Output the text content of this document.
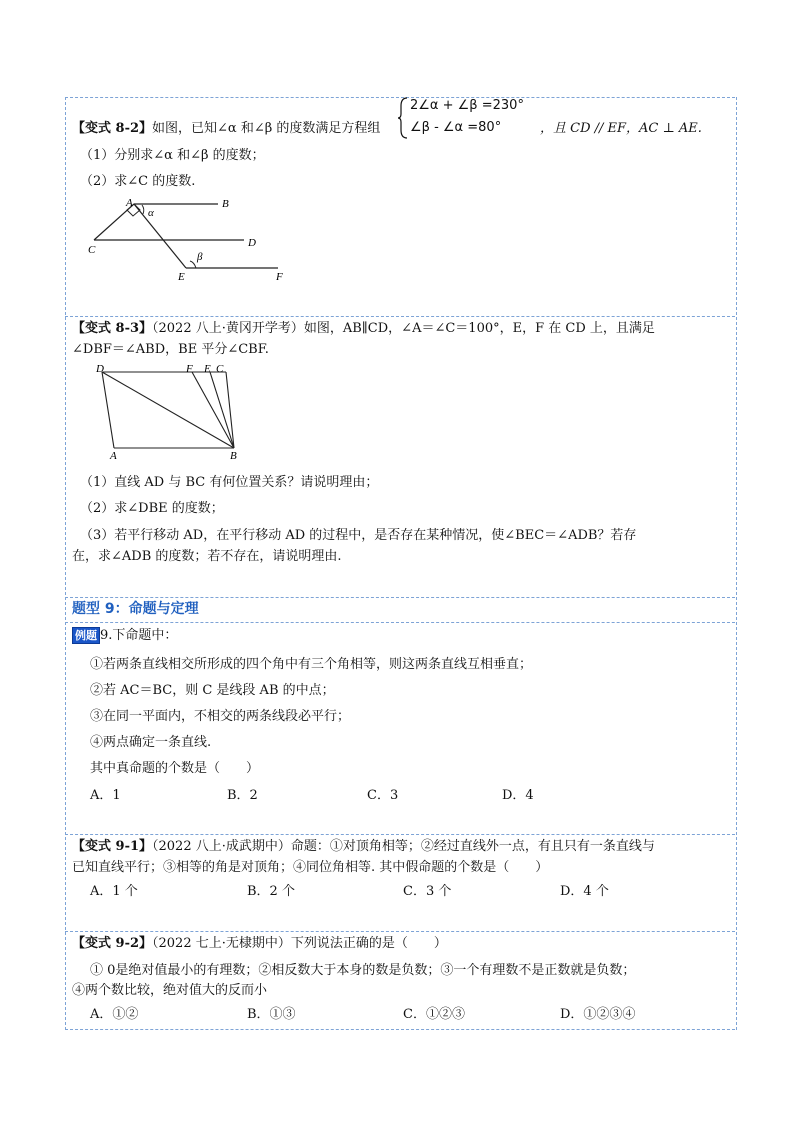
【变式 8-2】如图，已知∠α 和∠β 的度数满足方程组
2∠α + ∠β =230°
∠β - ∠α =80°	，且 CD // EF，AC ⊥ AE.
（1）分别求∠α 和∠β 的度数；
（2）求∠C 的度数.
A	B
C
D
E	F
α
β
【变式 8-3】（2022 八上·黄冈开学考）如图，AB∥CD，∠A＝∠C＝100°，E，F 在 CD 上，且满足
∠DBF＝∠ABD，BE 平分∠CBF.
D	F E C
A	B
（1）直线 AD 与 BC 有何位置关系？请说明理由；
（2）求∠DBE 的度数；
（3）若平行移动 AD，在平行移动 AD 的过程中，是否存在某种情况，使∠BEC＝∠ADB？若存
在，求∠ADB 的度数；若不存在，请说明理由.
题型 9：命题与定理
例题 9.下命题中：
①若两条直线相交所形成的四个角中有三个角相等，则这两条直线互相垂直；
②若 AC＝BC，则 C 是线段 AB 的中点；
③在同一平面内，不相交的两条线段必平行；
④两点确定一条直线.
其中真命题的个数是（　　）
A．1	B．2	C．3	D．4
【变式 9-1】（2022 八上·成武期中）命题：①对顶角相等；②经过直线外一点，有且只有一条直线与
已知直线平行；③相等的角是对顶角；④同位角相等. 其中假命题的个数是（　　）
A．1 个	B．2 个	C．3 个	D．4 个
【变式 9-2】（2022 七上·无棣期中）下列说法正确的是（　　）
① 0是绝对值最小的有理数；②相反数大于本身的数是负数；③一个有理数不是正数就是负数；
④两个数比较，绝对值大的反而小
A．①②	B．①③	C．①②③	D．①②③④
